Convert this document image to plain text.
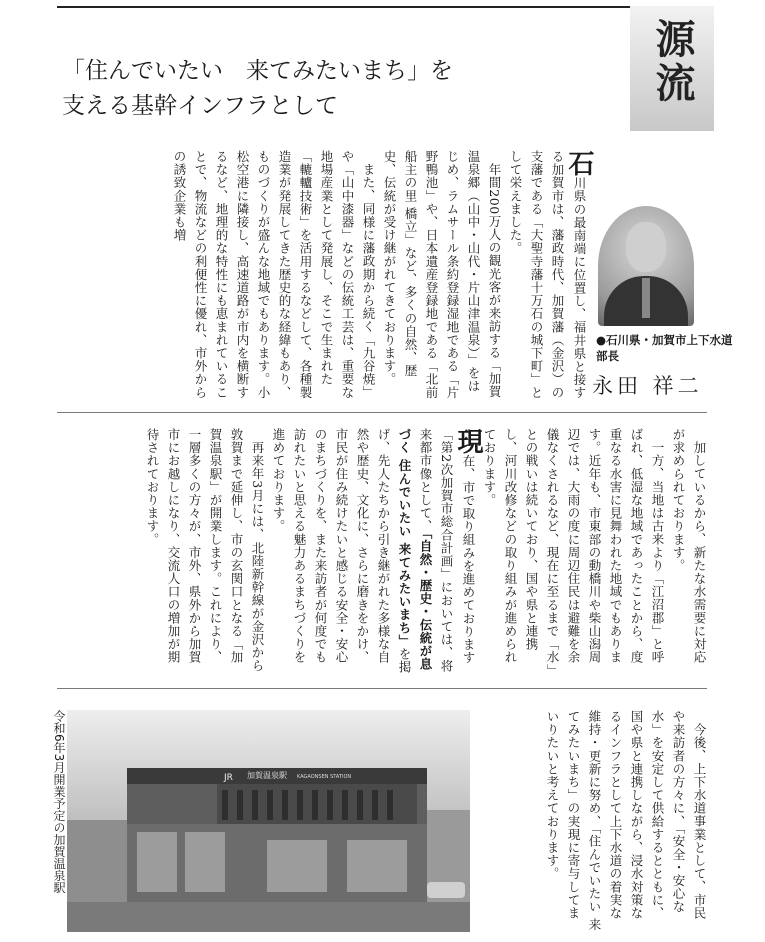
源流
「住んでいたい　来てみたいまち」を
支える基幹インフラとして
石川県の最南端に位置し、福井県と接する加賀市は、藩政時代、加賀藩（金沢）の支藩である「大聖寺藩十万石の城下町」として栄えました。
年間200万人の観光客が来訪する「加賀温泉郷（山中・山代・片山津温泉）」をはじめ、ラムサール条約登録湿地である「片野鴨池」や、日本遺産登録地である「北前船主の里 橋立」など、多くの自然、歴史、伝統が受け継がれてきております。
また、同様に藩政期から続く「九谷焼」や「山中漆器」などの伝統工芸は、重要な地場産業として発展し、そこで生まれた「轆轤技術」を活用するなどして、各種製造業が発展してきた歴史的な経緯もあり、ものづくりが盛んな地域でもあります。小松空港に隣接し、高速道路が市内を横断するなど、地理的な特性にも恵まれていることで、物流などの利便性に優れ、市外からの誘致企業も増
●石川県・加賀市上下水道
部長
永田 祥二
加しているから、新たな水需要に対応が求められております。
一方、当地は古来より「江沼郡」と呼ばれ、低湿な地域であったことから、度重なる水害に見舞われた地域でもあります。近年も、市東部の動橋川や柴山潟周辺では、大雨の度に周辺住民は避難を余儀なくされるなど、現在に至るまで「水」との戦いは続いており、国や県と連携し、河川改修などの取り組みが進められております。
現在、市で取り組みを進めております「第2次加賀市総合計画」においては、将来都市像として、「自然・歴史・伝統が息づく 住んでいたい 来てみたいまち」を掲げ、先人たちから引き継がれた多様な自然や歴史、文化に、さらに磨きをかけ、市民が住み続けたいと感じる安全・安心のまちづくりを、また来訪者が何度でも訪れたいと思える魅力あるまちづくりを進めております。
再来年3月には、北陸新幹線が金沢から敦賀まで延伸し、市の玄関口となる「加賀温泉駅」が開業します。これにより、一層多くの方々が、市外、県外から加賀市にお越しになり、交流人口の増加が期待されております。
今後、上下水道事業として、市民や来訪者の方々に、「安全・安心な水」を安定して供給するとともに、国や県と連携しながら、浸水対策なるインフラとして上下水道の着実な維持・更新に努め、「住んでいたい 来てみたいまち」の実現に寄与してまいりたいと考えております。
JR 加賀温泉駅 KAGAONSEN STATION
令和6年3月開業予定の加賀温泉駅
